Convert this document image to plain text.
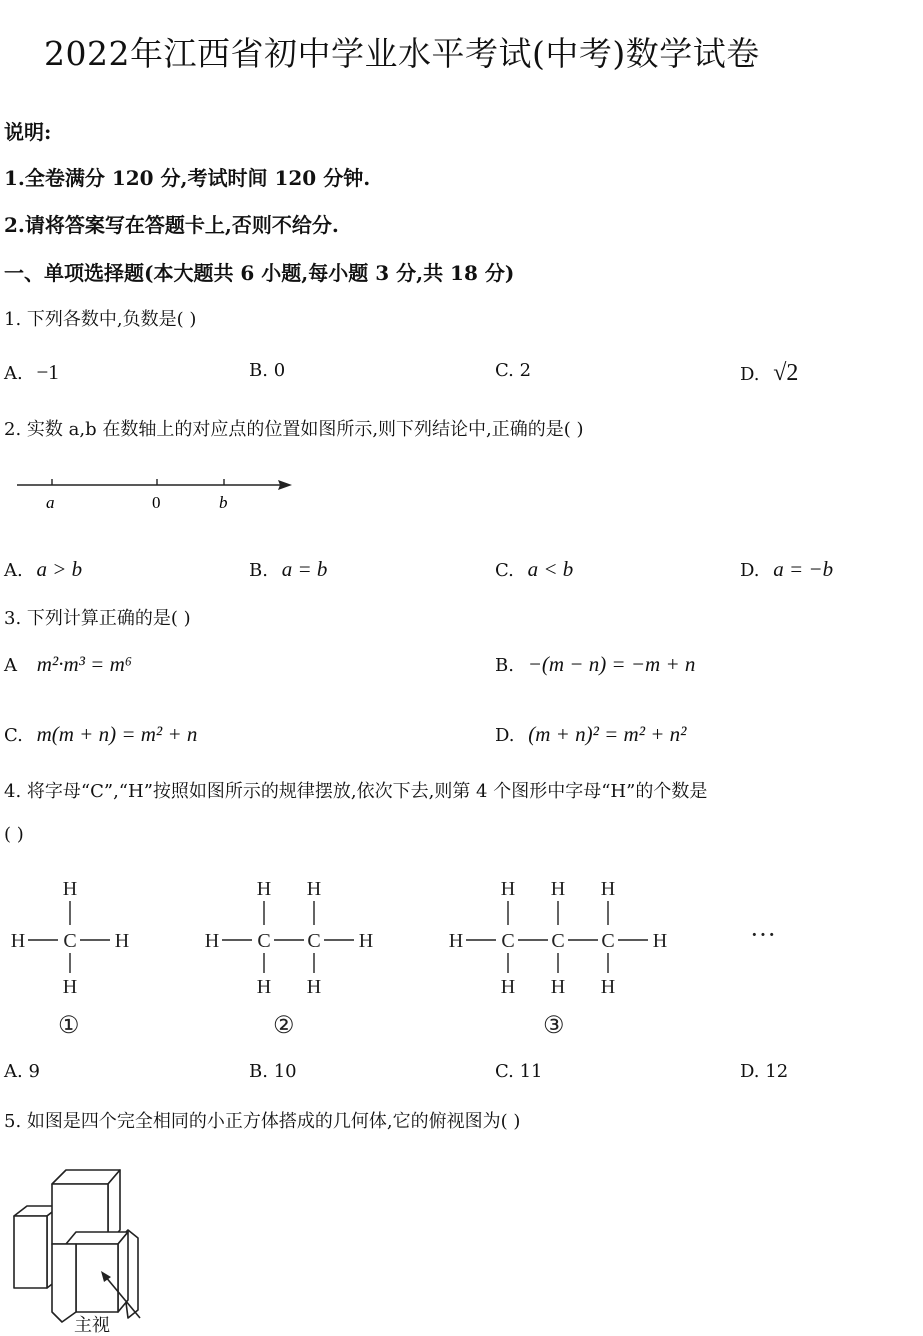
2022年江西省初中学业水平考试(中考)数学试卷
说明:
1.全卷满分 120 分,考试时间 120 分钟.
2.请将答案写在答题卡上,否则不给分.
一、单项选择题(本大题共 6 小题,每小题 3 分,共 18 分)
1. 下列各数中,负数是( )
A. −1	B. 0	C. 2	D. √2
2. 实数 a,b 在数轴上的对应点的位置如图所示,则下列结论中,正确的是( )
a	0	b
A. a > b	B. a = b	C. a < b	D. a = −b
3. 下列计算正确的是( )
A m²·m³ = m⁶	B. −(m − n) = −m + n
C. m(m + n) = m² + n	D. (m + n)² = m² + n²
4. 将字母“C”,“H”按照如图所示的规律摆放,依次下去,则第 4 个图形中字母“H”的个数是
( )
H C
H
H
H	H C
H
H
C
H
H
H	H C
H
H
C
H
H
C
H
H
H	···
①	②	③
A. 9	B. 10	C. 11	D. 12
5. 如图是四个完全相同的小正方体搭成的几何体,它的俯视图为( )
主视
